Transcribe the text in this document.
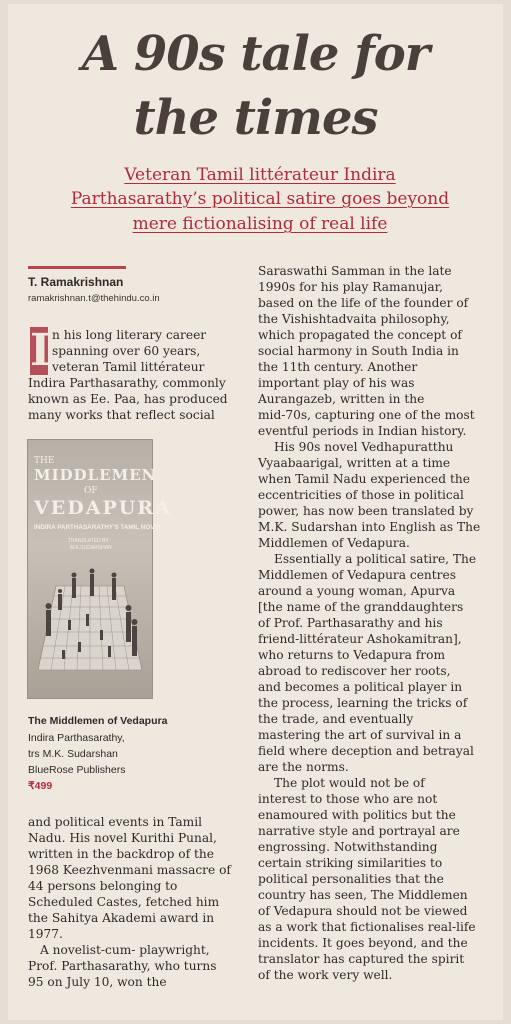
A 90s tale for
the times
Veteran Tamil littérateur Indira
Parthasarathy’s political satire goes beyond
mere fictionalising of real life
T. Ramakrishnan
ramakrishnan.t@thehindu.co.in
I n his long literary career
spanning over 60 years,
veteran Tamil littérateur
Indira Parthasarathy, commonly
known as Ee. Paa, has produced
many works that reflect social
THE
MIDDLEMEN
OF
VEDAPURA
INDIRA PARTHASARATHY'S TAMIL NOVEL
TRANSLATED BY
M.K.SUDARSHAN
The Middlemen of Vedapura
Indira Parthasarathy,
trs M.K. Sudarshan
BlueRose Publishers
₹499
and political events in Tamil
Nadu. His novel Kurithi Punal,
written in the backdrop of the
1968 Keezhvenmani massacre of
44 persons belonging to
Scheduled Castes, fetched him
the Sahitya Akademi award in
1977.
A novelist-cum- playwright,
Prof. Parthasarathy, who turns
95 on July 10, won the
Saraswathi Samman in the late
1990s for his play Ramanujar,
based on the life of the founder of
the Vishishtadvaita philosophy,
which propagated the concept of
social harmony in South India in
the 11th century. Another
important play of his was
Aurangazeb, written in the
mid-70s, capturing one of the most
eventful periods in Indian history.
His 90s novel Vedhapuratthu
Vyaabaarigal, written at a time
when Tamil Nadu experienced the
eccentricities of those in political
power, has now been translated by
M.K. Sudarshan into English as The
Middlemen of Vedapura.
Essentially a political satire, The
Middlemen of Vedapura centres
around a young woman, Apurva
[the name of the granddaughters
of Prof. Parthasarathy and his
friend-littérateur Ashokamitran],
who returns to Vedapura from
abroad to rediscover her roots,
and becomes a political player in
the process, learning the tricks of
the trade, and eventually
mastering the art of survival in a
field where deception and betrayal
are the norms.
The plot would not be of
interest to those who are not
enamoured with politics but the
narrative style and portrayal are
engrossing. Notwithstanding
certain striking similarities to
political personalities that the
country has seen, The Middlemen
of Vedapura should not be viewed
as a work that fictionalises real-life
incidents. It goes beyond, and the
translator has captured the spirit
of the work very well.
